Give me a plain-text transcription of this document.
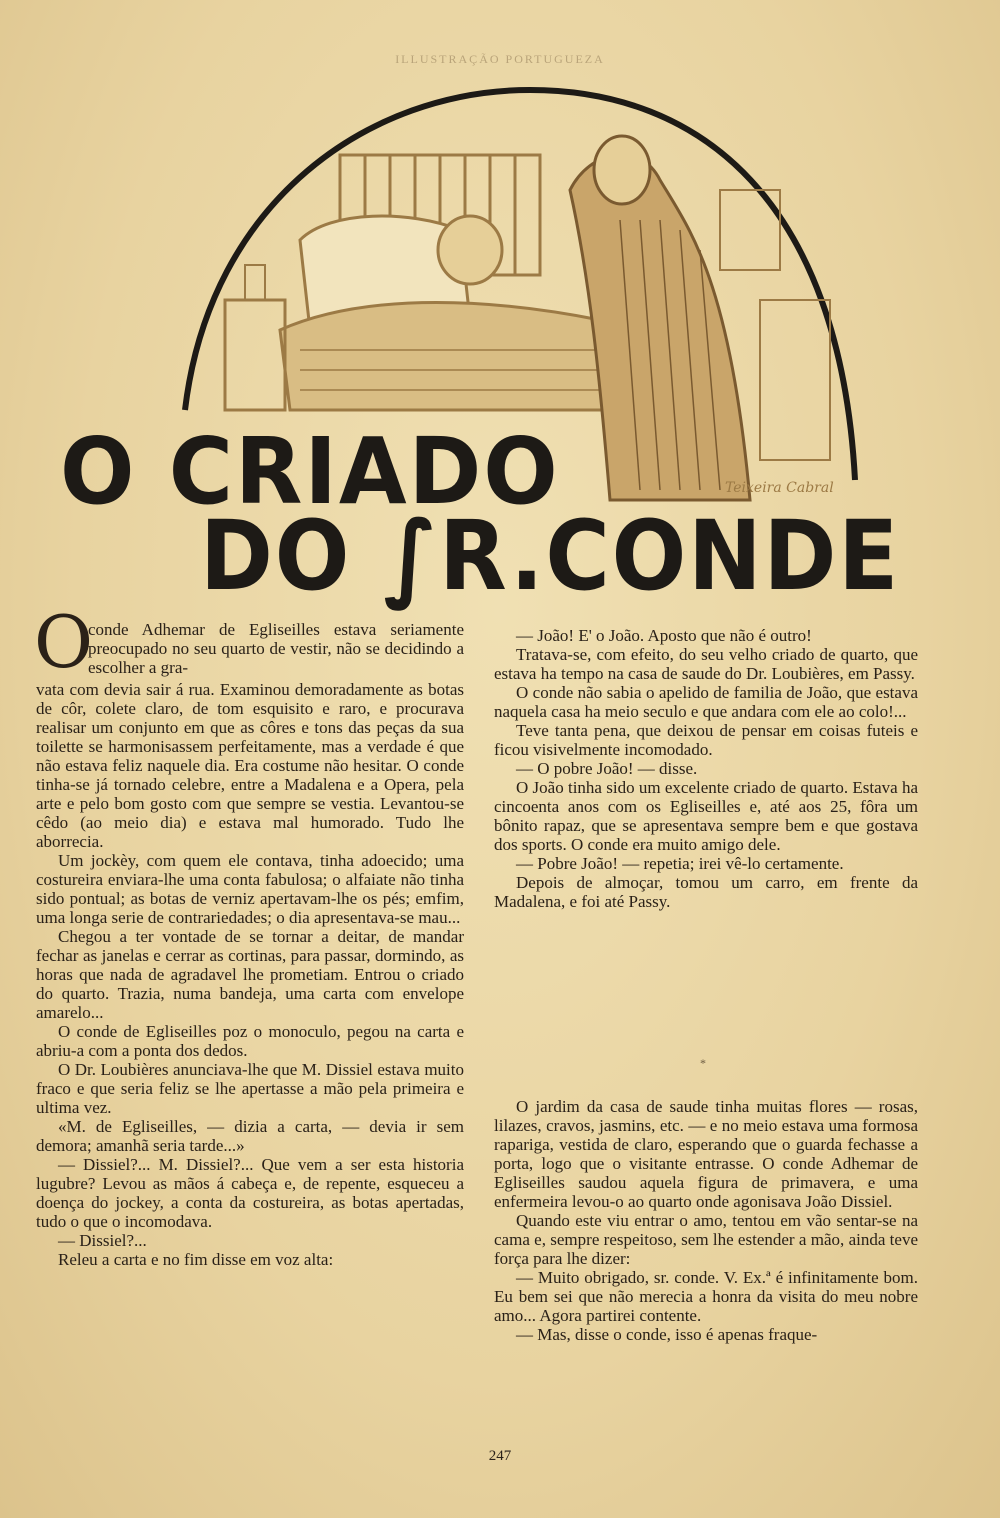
ILLUSTRAÇÃO PORTUGUEZA
Teixeira Cabral
O CRIADO
DO ∫R.CONDE
O

conde Adhemar de Egliseilles estava seriamente preocupado no seu quarto de vestir, não se decidindo a escolher a gra-

vata com devia sair á rua. Examinou demoradamente as botas de côr, colete claro, de tom esquisito e raro, e procurava realisar um conjunto em que as côres e tons das peças da sua toilette se harmonisassem perfeitamente, mas a verdade é que não estava feliz naquele dia. Era costume não hesitar. O conde tinha-se já tornado celebre, entre a Madalena e a Opera, pela arte e pelo bom gosto com que sempre se vestia. Levantou-se cêdo (ao meio dia) e estava mal humorado. Tudo lhe aborrecia.

Um jockèy, com quem ele contava, tinha adoecido; uma costureira enviara-lhe uma conta fabulosa; o alfaiate não tinha sido pontual; as botas de verniz apertavam-lhe os pés; emfim, uma longa serie de contrariedades; o dia apresentava-se mau...

Chegou a ter vontade de se tornar a deitar, de mandar fechar as janelas e cerrar as cortinas, para passar, dormindo, as horas que nada de agradavel lhe prometiam. Entrou o criado do quarto. Trazia, numa bandeja, uma carta com envelope amarelo...

O conde de Egliseilles poz o monoculo, pegou na carta e abriu-a com a ponta dos dedos.

O Dr. Loubières anunciava-lhe que M. Dissiel estava muito fraco e que seria feliz se lhe apertasse a mão pela primeira e ultima vez.

«M. de Egliseilles, — dizia a carta, — devia ir sem demora; amanhã seria tarde...»

— Dissiel?... M. Dissiel?... Que vem a ser esta historia lugubre? Levou as mãos á cabeça e, de repente, esqueceu a doença do jockey, a conta da costureira, as botas apertadas, tudo o que o incomodava.

— Dissiel?...

Releu a carta e no fim disse em voz alta:

— João! E' o João. Aposto que não é outro!

Tratava-se, com efeito, do seu velho criado de quarto, que estava ha tempo na casa de saude do Dr. Loubières, em Passy.

O conde não sabia o apelido de familia de João, que estava naquela casa ha meio seculo e que andara com ele ao colo!...

Teve tanta pena, que deixou de pensar em coisas futeis e ficou visivelmente incomodado.

— O pobre João! — disse.

O João tinha sido um excelente criado de quarto. Estava ha cincoenta anos com os Egliseilles e, até aos 25, fôra um bônito rapaz, que se apresentava sempre bem e que gostava dos sports. O conde era muito amigo dele.

— Pobre João! — repetia; irei vê-lo certamente.

Depois de almoçar, tomou um carro, em frente da Madalena, e foi até Passy.

*

O jardim da casa de saude tinha muitas flores — rosas, lilazes, cravos, jasmins, etc. — e no meio estava uma formosa rapariga, vestida de claro, esperando que o guarda fechasse a porta, logo que o visitante entrasse. O conde Adhemar de Egliseilles saudou aquela figura de primavera, e uma enfermeira levou-o ao quarto onde agonisava João Dissiel.

Quando este viu entrar o amo, tentou em vão sentar-se na cama e, sempre respeitoso, sem lhe estender a mão, ainda teve força para lhe dizer:

— Muito obrigado, sr. conde. V. Ex.ª é infinitamente bom. Eu bem sei que não merecia a honra da visita do meu nobre amo... Agora partirei contente.

— Mas, disse o conde, isso é apenas fraque-

247
